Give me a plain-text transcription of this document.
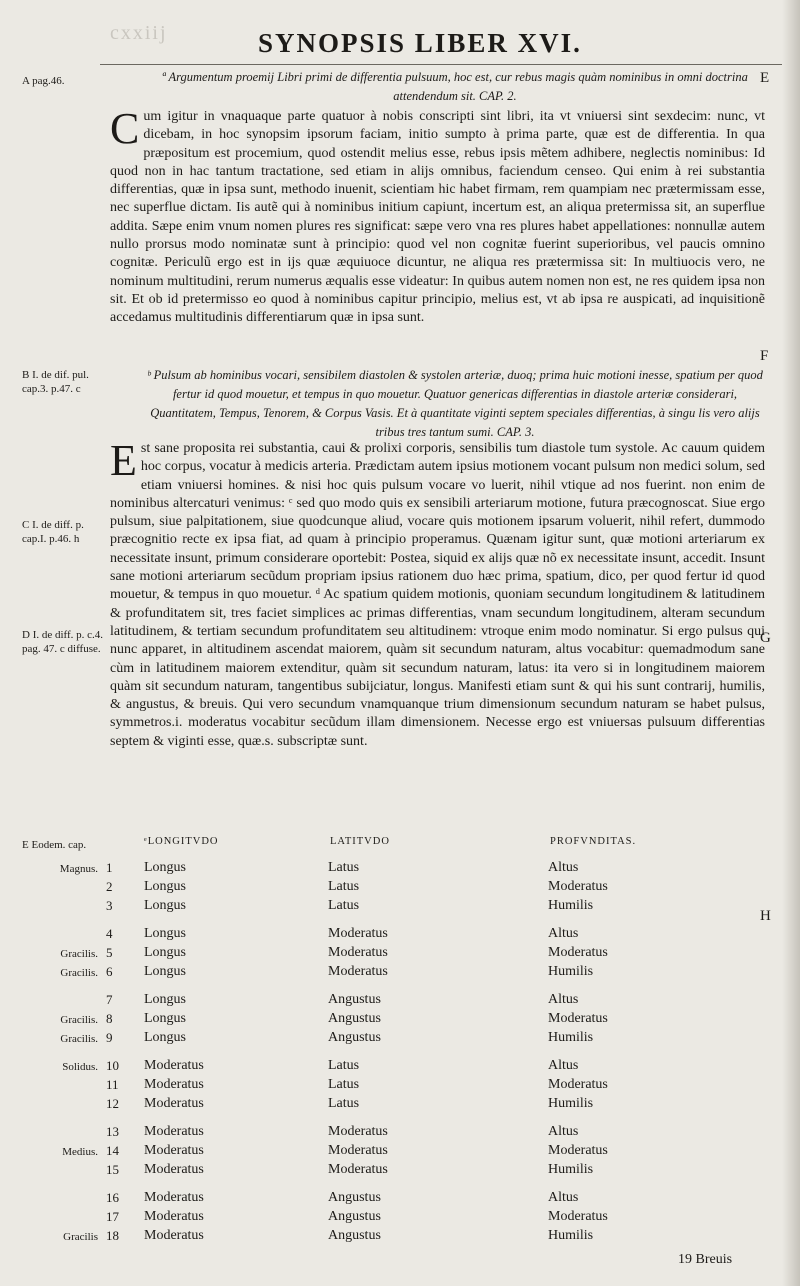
cxxiij	SYNOPSIS LIBER XVI.
A pag.46.
B I. de dif. pul. cap.3. p.47. c
C I. de diff. p. cap.I. p.46. h
D I. de diff. p. c.4. pag. 47. c diffuse.
E Eodem. cap.
E
F
G
H
ª Argumentum proemij Libri primi de differentia pulsuum, hoc est, cur rebus magis quàm nominibus in omni doctrina attendendum sit. CAP. 2.
Cum igitur in vnaquaque parte quatuor à nobis conscripti sint libri, ita vt vniuersi sint sexdecim: nunc, vt dicebam, in hoc synopsim ipsorum faciam, initio sumpto à prima parte, quæ est de differentia. In qua præpositum est procemium, quod ostendit melius esse, rebus ipsis mẽtem adhibere, neglectis nominibus: Id quod non in hac tantum tractatione, sed etiam in alijs omnibus, faciendum censeo. Qui enim à rei substantia differentias, quæ in ipsa sunt, methodo inuenit, scientiam hic habet firmam, rem quampiam nec prætermissam esse, nec superflue dictam. Iis autẽ qui à nominibus initium capiunt, incertum est, an aliqua pretermissa sit, an superflue addita. Sæpe enim vnum nomen plures res significat: sæpe vero vna res plures habet appellationes: nonnullæ autem nullo prorsus modo nominatæ sunt à principio: quod vel non cognitæ fuerint superioribus, vel paucis omnino cognitæ. Periculũ ergo est in ijs quæ æquiuoce dicuntur, ne aliqua res prætermissa sit: In multiuocis vero, ne nominum multitudini, rerum numerus æqualis esse videatur: In quibus autem nomen non est, ne res quidem ipsa non sit. Et ob id pretermisso eo quod à nominibus capitur principio, melius est, vt ab ipsa re auspicati, ad inquisitionẽ accedamus multitudinis differentiarum quæ in ipsa sunt.
ᵇ Pulsum ab hominibus vocari, sensibilem diastolen & systolen arteriæ, duoq; prima huic motioni inesse, spatium per quod fertur id quod mouetur, et tempus in quo mouetur. Quatuor genericas differentias in diastole arteriæ considerari, Quantitatem, Tempus, Tenorem, & Corpus Vasis. Et à quantitate viginti septem speciales differentias, à singu lis vero alijs tribus tres tantum sumi. CAP. 3.
Est sane proposita rei substantia, caui & prolixi corporis, sensibilis tum diastole tum systole. Ac cauum quidem hoc corpus, vocatur à medicis arteria. Prædictam autem ipsius motionem vocant pulsum non medici solum, sed etiam vniuersi homines. & nisi hoc quis pulsum vocare vo luerit, nihil vtique ad nos fuerint. non enim de nominibus altercaturi venimus: ᶜ sed quo modo quis ex sensibili arteriarum motione, futura præcognoscat. Siue ergo pulsum, siue palpitationem, siue quodcunque aliud, vocare quis motionem ipsarum voluerit, nihil refert, dummodo præcognitio recte ex ipsa fiat, ad quam à principio properamus. Quænam igitur sunt, quæ motioni arteriarum ex necessitate insunt, primum considerare oportebit: Postea, siquid ex alijs quæ nõ ex necessitate insunt, accedit. Insunt sane motioni arteriarum secũdum propriam ipsius rationem duo hæc prima, spatium, dico, per quod fertur id quod mouetur, & tempus in quo mouetur. ᵈ Ac spatium quidem motionis, quoniam secundum longitudinem & latitudinem & profunditatem sit, tres faciet simplices ac primas differentias, vnam secundum longitudinem, alteram secundum latitudinem, & tertiam secundum profunditatem seu altitudinem: vtroque enim modo nominatur. Si ergo pulsus qui nunc apparet, in altitudinem ascendat maiorem, quàm sit secundum naturam, altus vocabitur: quemadmodum sane cùm in latitudinem maiorem extenditur, quàm sit secundum naturam, latus: ita vero si in longitudinem maiorem quàm sit secundum naturam, tangentibus subijciatur, longus. Manifesti etiam sunt & qui his sunt contrarij, humilis, & angustus, & breuis. Qui vero secundum vnamquanque trium dimensionum secundum naturam se habet pulsus, symmetros.i. moderatus vocabitur secũdum illam dimensionem. Necesse ergo est vniuersas pulsuum differentias septem & viginti esse, quæ.s. subscriptæ sunt.
ᵉLONGITVDO	LATITVDO	PROFVNDITAS.
Magnus. 1	Longus	Latus	Altus
2	Longus	Latus	Moderatus
3	Longus	Latus	Humilis
4	Longus	Moderatus	Altus
Gracilis. 5	Longus	Moderatus	Moderatus
Gracilis. 6	Longus	Moderatus	Humilis
7	Longus	Angustus	Altus
Gracilis. 8	Longus	Angustus	Moderatus
Gracilis. 9	Longus	Angustus	Humilis
Solidus. 10	Moderatus	Latus	Altus
11	Moderatus	Latus	Moderatus
12	Moderatus	Latus	Humilis
13	Moderatus	Moderatus	Altus
Medius. 14	Moderatus	Moderatus	Moderatus
15	Moderatus	Moderatus	Humilis
16	Moderatus	Angustus	Altus
17	Moderatus	Angustus	Moderatus
Gracilis 18	Moderatus	Angustus	Humilis
19 Breuis
